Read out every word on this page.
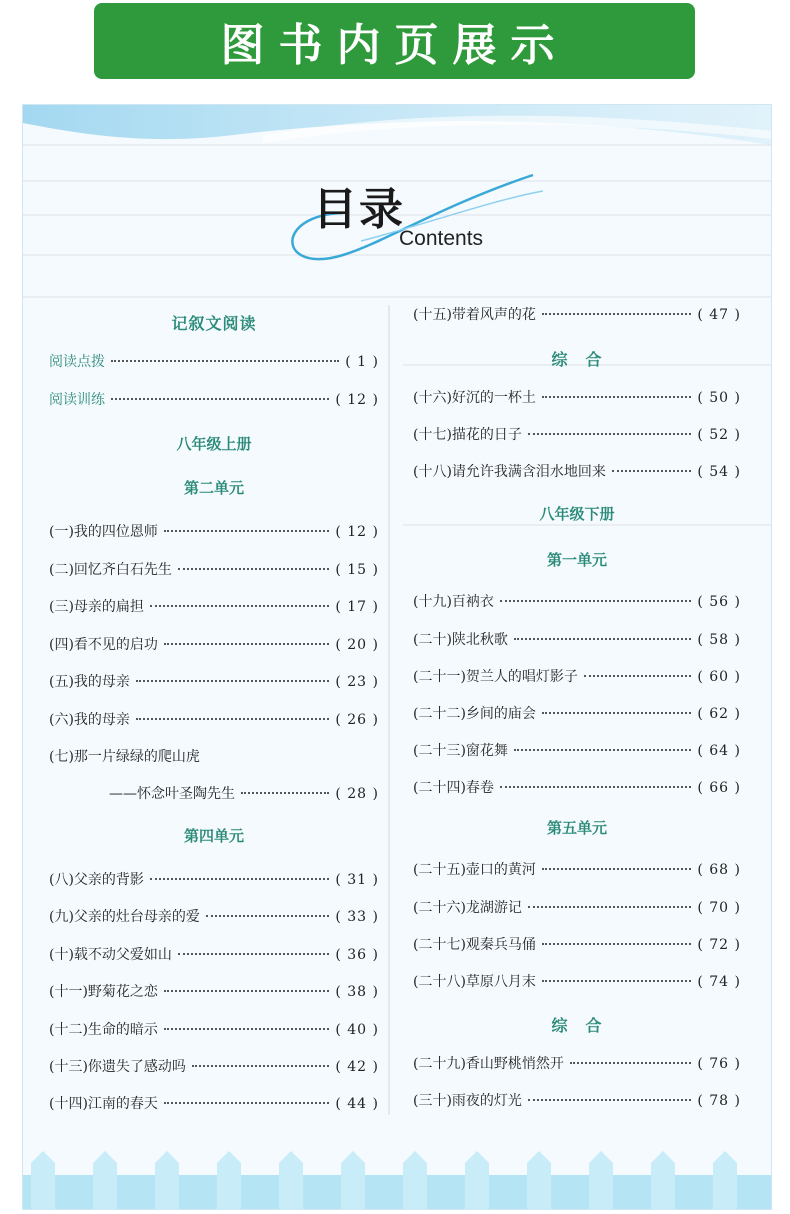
图书内页展示
目录
Contents
记叙文阅读
阅读点拨	( 1 )
阅读训练	( 12 )
八年级上册
第二单元
(一)我的四位恩师	( 12 )
(二)回忆齐白石先生	( 15 )
(三)母亲的扁担	( 17 )
(四)看不见的启功	( 20 )
(五)我的母亲	( 23 )
(六)我的母亲	( 26 )
(七)那一片绿绿的爬山虎
——怀念叶圣陶先生	( 28 )
第四单元
(八)父亲的背影	( 31 )
(九)父亲的灶台母亲的爱	( 33 )
(十)载不动父爱如山	( 36 )
(十一)野菊花之恋	( 38 )
(十二)生命的暗示	( 40 )
(十三)你遗失了感动吗	( 42 )
(十四)江南的春天	( 44 )
(十五)带着风声的花	( 47 )
综　合
(十六)好沉的一杯土	( 50 )
(十七)描花的日子	( 52 )
(十八)请允许我满含泪水地回来	( 54 )
八年级下册
第一单元
(十九)百衲衣	( 56 )
(二十)陕北秋歌	( 58 )
(二十一)贺兰人的唱灯影子	( 60 )
(二十二)乡间的庙会	( 62 )
(二十三)窗花舞	( 64 )
(二十四)春卷	( 66 )
第五单元
(二十五)壶口的黄河	( 68 )
(二十六)龙湖游记	( 70 )
(二十七)观秦兵马俑	( 72 )
(二十八)草原八月末	( 74 )
综　合
(二十九)香山野桃悄然开	( 76 )
(三十)雨夜的灯光	( 78 )
